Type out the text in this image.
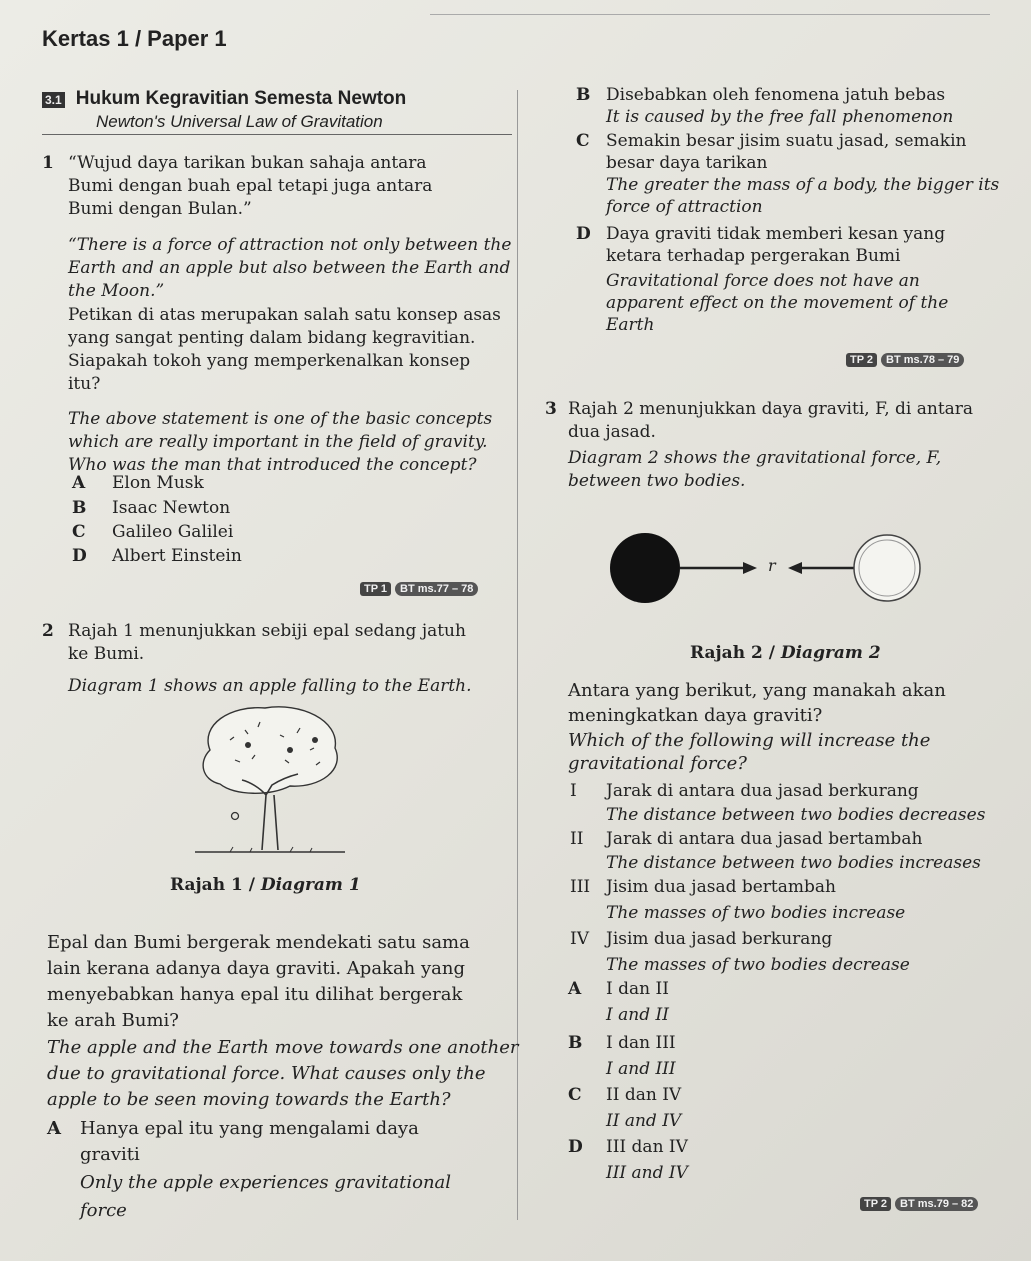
Kertas 1 / Paper 1
3.1 Hukum Kegravitian Semesta Newton
Newton's Universal Law of Gravitation
1 “Wujud daya tarikan bukan sahaja antara
Bumi dengan buah epal tetapi juga antara
Bumi dengan Bulan.”
“There is a force of attraction not only between the
Earth and an apple but also between the Earth and
the Moon.”
Petikan di atas merupakan salah satu konsep asas
yang sangat penting dalam bidang kegravitian.
Siapakah tokoh yang memperkenalkan konsep
itu?
The above statement is one of the basic concepts
which are really important in the field of gravity.
Who was the man that introduced the concept?
A Elon Musk
B Isaac Newton
C Galileo Galilei
D Albert Einstein
TP 1 BT ms.77 – 78
2 Rajah 1 menunjukkan sebiji epal sedang jatuh
ke Bumi.
Diagram 1 shows an apple falling to the Earth.
Rajah 1 / Diagram 1
Epal dan Bumi bergerak mendekati satu sama
lain kerana adanya daya graviti. Apakah yang
menyebabkan hanya epal itu dilihat bergerak
ke arah Bumi?
The apple and the Earth move towards one another
due to gravitational force. What causes only the
apple to be seen moving towards the Earth?
A Hanya epal itu yang mengalami daya
graviti
Only the apple experiences gravitational
force
B Disebabkan oleh fenomena jatuh bebas
It is caused by the free fall phenomenon
C Semakin besar jisim suatu jasad, semakin
besar daya tarikan
The greater the mass of a body, the bigger its
force of attraction
D Daya graviti tidak memberi kesan yang
ketara terhadap pergerakan Bumi
Gravitational force does not have an
apparent effect on the movement of the
Earth
TP 2 BT ms.78 – 79
3 Rajah 2 menunjukkan daya graviti, F, di antara
dua jasad.
Diagram 2 shows the gravitational force, F,
between two bodies.
r
Rajah 2 / Diagram 2
Antara yang berikut, yang manakah akan
meningkatkan daya graviti?
Which of the following will increase the
gravitational force?
I Jarak di antara dua jasad berkurang
The distance between two bodies decreases
II Jarak di antara dua jasad bertambah
The distance between two bodies increases
III Jisim dua jasad bertambah
The masses of two bodies increase
IV Jisim dua jasad berkurang
The masses of two bodies decrease
A I dan II
I and II
B I dan III
I and III
C II dan IV
II and IV
D III dan IV
III and IV
TP 2 BT ms.79 – 82
